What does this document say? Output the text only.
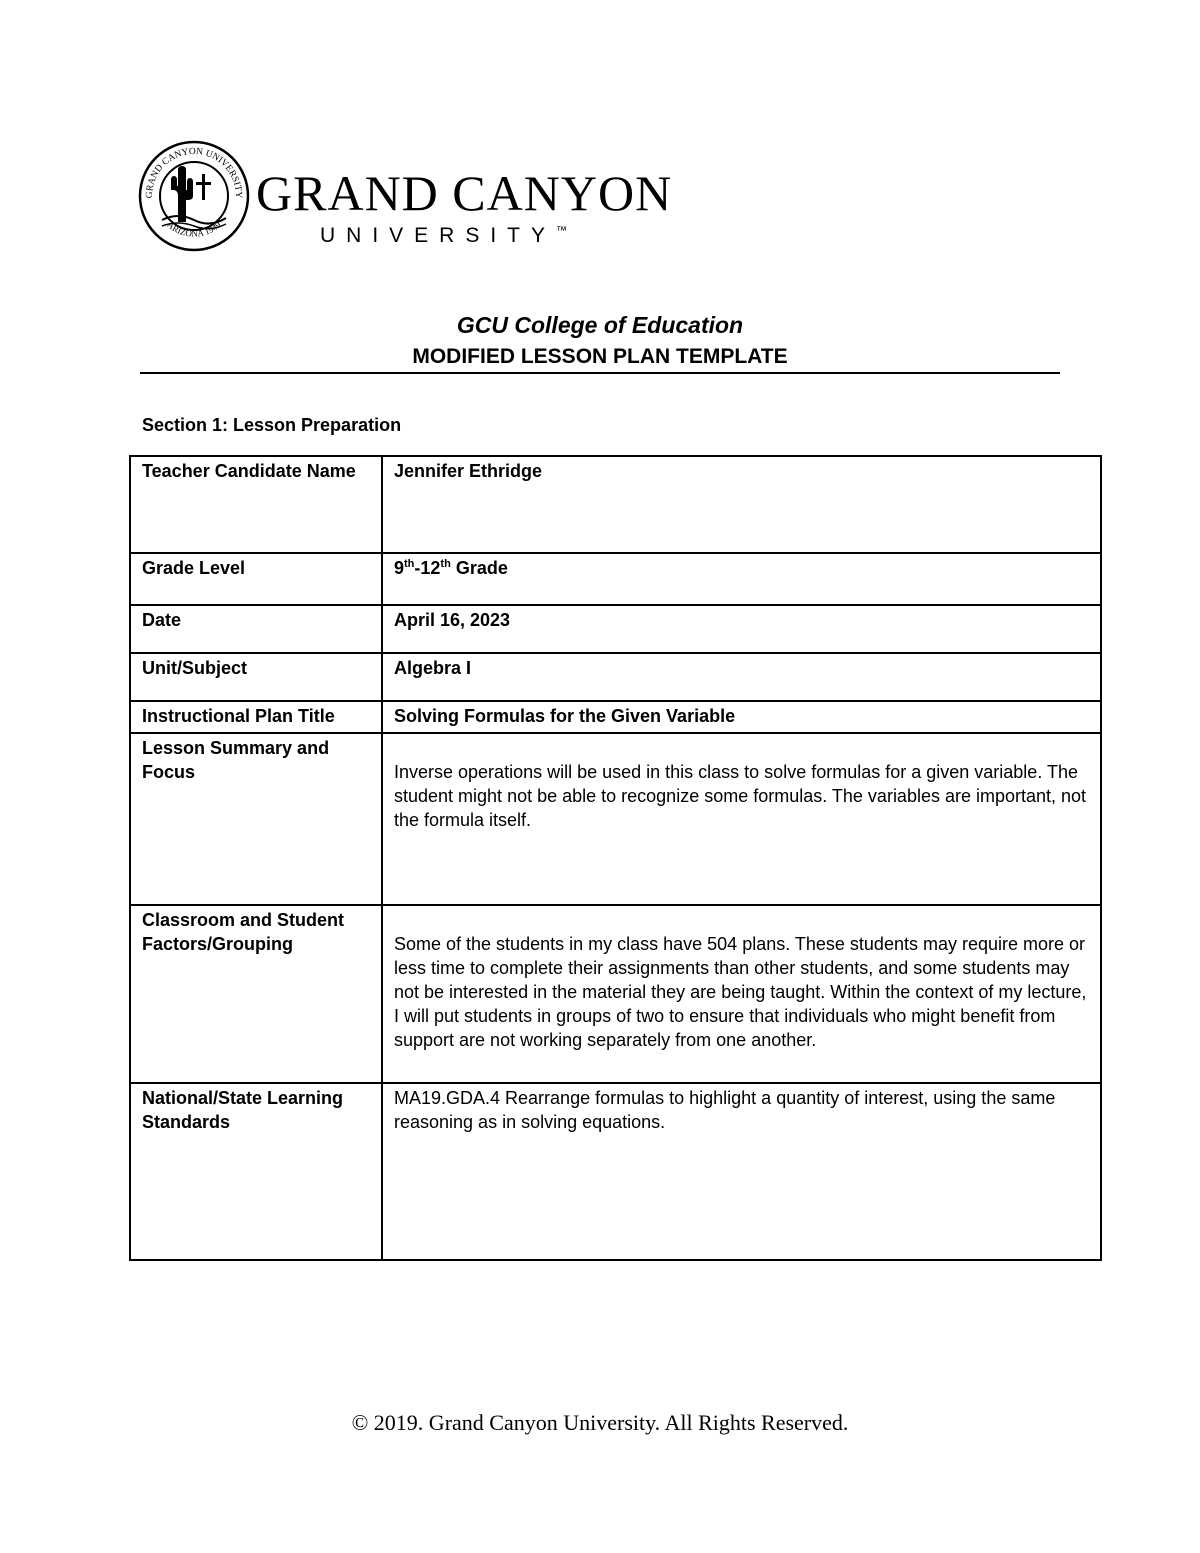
GRAND CANYON UNIVERSITY
ARIZONA 1949
GRAND CANYON
UNIVERSITY™
GCU College of Education
MODIFIED LESSON PLAN TEMPLATE
Section 1: Lesson Preparation
Teacher Candidate Name	Jennifer Ethridge
Grade Level	9th-12th Grade
Date	April 16, 2023
Unit/Subject	Algebra I
Instructional Plan Title	Solving Formulas for the Given Variable
Lesson Summary and Focus	Inverse operations will be used in this class to solve formulas for a given variable. The student might not be able to recognize some formulas. The variables are important, not the formula itself.

Classroom and Student Factors/Grouping	Some of the students in my class have 504 plans. These students may require more or less time to complete their assignments than other students, and some students may not be interested in the material they are being taught. Within the context of my lecture, I will put students in groups of two to ensure that individuals who might benefit from support are not working separately from one another.

National/State Learning Standards	MA19.GDA.4 Rearrange formulas to highlight a quantity of interest, using the same reasoning as in solving equations.
© 2019. Grand Canyon University. All Rights Reserved.
